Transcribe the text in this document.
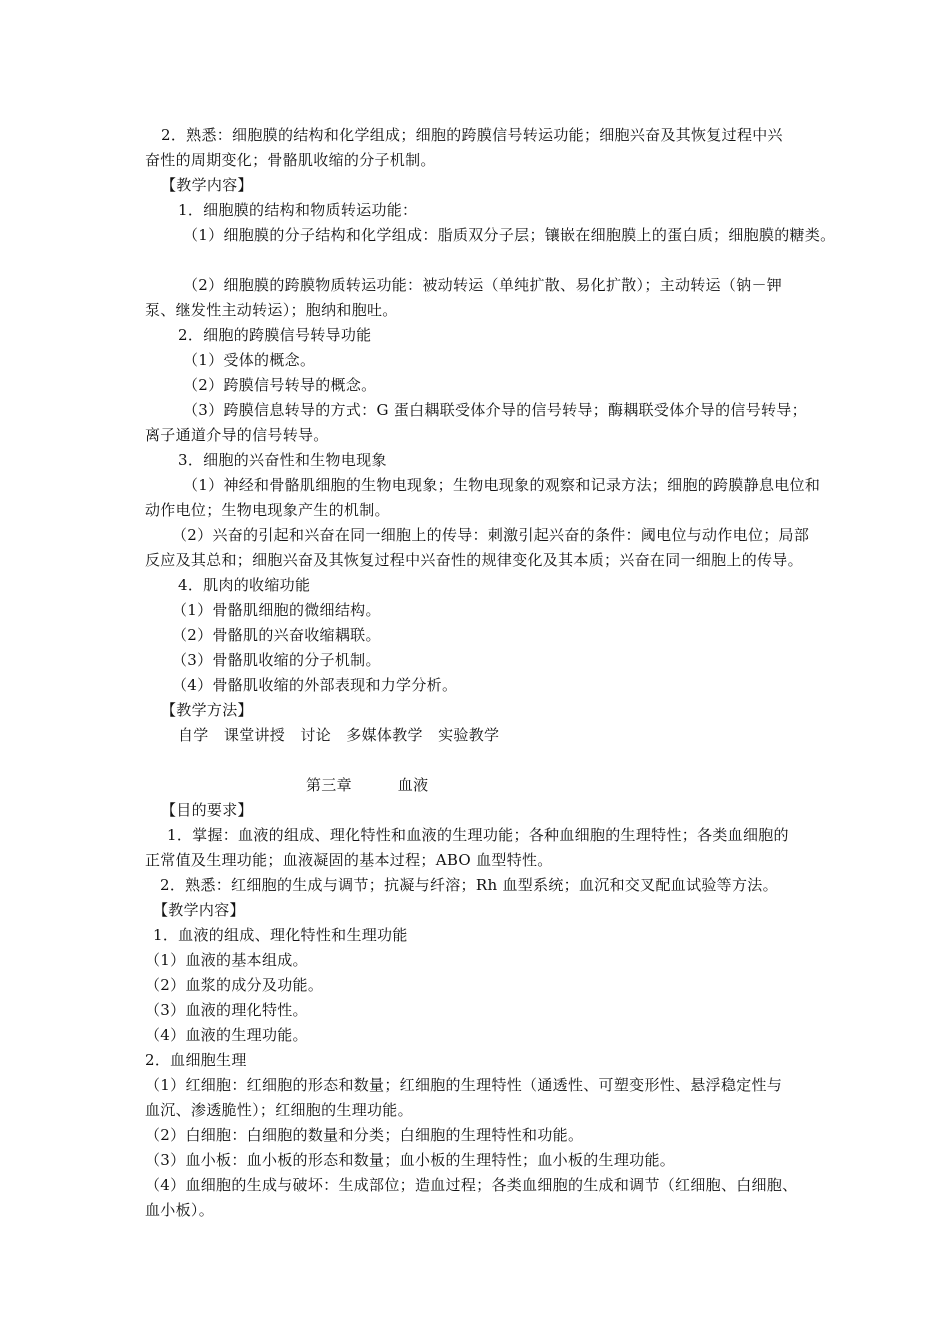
2．熟悉：细胞膜的结构和化学组成；细胞的跨膜信号转运功能；细胞兴奋及其恢复过程中兴
奋性的周期变化；骨骼肌收缩的分子机制。
【教学内容】
1．细胞膜的结构和物质转运功能：
（1）细胞膜的分子结构和化学组成：脂质双分子层；镶嵌在细胞膜上的蛋白质；细胞膜的糖类。
（2）细胞膜的跨膜物质转运功能：被动转运（单纯扩散、易化扩散）；主动转运（钠－钾
泵、继发性主动转运）；胞纳和胞吐。
2．细胞的跨膜信号转导功能
（1）受体的概念。
（2）跨膜信号转导的概念。
（3）跨膜信息转导的方式：G 蛋白耦联受体介导的信号转导；酶耦联受体介导的信号转导；
离子通道介导的信号转导。
3．细胞的兴奋性和生物电现象
（1）神经和骨骼肌细胞的生物电现象；生物电现象的观察和记录方法；细胞的跨膜静息电位和
动作电位；生物电现象产生的机制。
（2）兴奋的引起和兴奋在同一细胞上的传导：刺激引起兴奋的条件：阈电位与动作电位；局部
反应及其总和；细胞兴奋及其恢复过程中兴奋性的规律变化及其本质；兴奋在同一细胞上的传导。
4．肌肉的收缩功能
（1）骨骼肌细胞的微细结构。
（2）骨骼肌的兴奋收缩耦联。
（3）骨骼肌收缩的分子机制。
（4）骨骼肌收缩的外部表现和力学分析。
【教学方法】
自学　课堂讲授　讨论　多媒体教学　实验教学
第三章　　　血液
【目的要求】
1．掌握：血液的组成、理化特性和血液的生理功能；各种血细胞的生理特性；各类血细胞的
正常值及生理功能；血液凝固的基本过程；ABO 血型特性。
2．熟悉：红细胞的生成与调节；抗凝与纤溶；Rh 血型系统；血沉和交叉配血试验等方法。
【教学内容】
1．血液的组成、理化特性和生理功能
（1）血液的基本组成。
（2）血浆的成分及功能。
（3）血液的理化特性。
（4）血液的生理功能。
2．血细胞生理
（1）红细胞：红细胞的形态和数量；红细胞的生理特性（通透性、可塑变形性、悬浮稳定性与
血沉、渗透脆性）；红细胞的生理功能。
（2）白细胞：白细胞的数量和分类；白细胞的生理特性和功能。
（3）血小板：血小板的形态和数量；血小板的生理特性；血小板的生理功能。
（4）血细胞的生成与破坏：生成部位；造血过程；各类血细胞的生成和调节（红细胞、白细胞、
血小板）。
